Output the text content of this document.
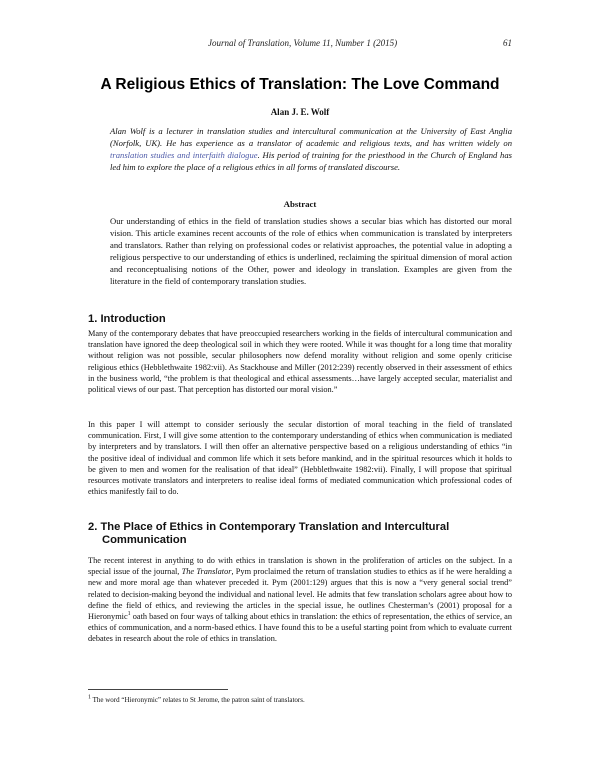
Journal of Translation, Volume 11, Number 1 (2015)	61
A Religious Ethics of Translation: The Love Command
Alan J. E. Wolf
Alan Wolf is a lecturer in translation studies and intercultural communication at the University of East Anglia (Norfolk, UK). He has experience as a translator of academic and religious texts, and has written widely on translation studies and interfaith dialogue. His period of training for the priesthood in the Church of England has led him to explore the place of a religious ethics in all forms of translated discourse.
Abstract
Our understanding of ethics in the field of translation studies shows a secular bias which has distorted our moral vision. This article examines recent accounts of the role of ethics when communication is translated by interpreters and translators. Rather than relying on professional codes or relativist approaches, the potential value in adopting a religious perspective to our understanding of ethics is underlined, reclaiming the spiritual dimension of moral action and reconceptualising notions of the Other, power and ideology in translation. Examples are given from the literature in the field of contemporary translation studies.
1. Introduction
Many of the contemporary debates that have preoccupied researchers working in the fields of intercultural communication and translation have ignored the deep theological soil in which they were rooted. While it was thought for a long time that morality without religion was not possible, secular philosophers now defend morality without religion and some openly criticise religious ethics (Hebblethwaite 1982:vii). As Stackhouse and Miller (2012:239) recently observed in their assessment of ethics in the business world, “the problem is that theological and ethical assessments…have largely accepted secular, materialist and political views of our past. That perception has distorted our moral vision.”
In this paper I will attempt to consider seriously the secular distortion of moral teaching in the field of translated communication. First, I will give some attention to the contemporary understanding of ethics when communication is mediated by interpreters and by translators. I will then offer an alternative perspective based on a religious understanding of ethics “in the positive ideal of individual and common life which it sets before mankind, and in the spiritual resources which it holds to be given to men and women for the realisation of that ideal” (Hebblethwaite 1982:vii). Finally, I will propose that spiritual resources motivate translators and interpreters to realise ideal forms of mediated communication which professional codes of ethics manifestly fail to do.
2. The Place of Ethics in Contemporary Translation and Intercultural
Communication
The recent interest in anything to do with ethics in translation is shown in the proliferation of articles on the subject. In a special issue of the journal, The Translator, Pym proclaimed the return of translation studies to ethics as if he were heralding a new and more moral age than whatever preceded it. Pym (2001:129) argues that this is now a “very general social trend” related to decision-making beyond the individual and national level. He admits that few translation scholars agree about how to define the field of ethics, and reviewing the articles in the special issue, he outlines Chesterman’s (2001) proposal for a Hieronymic$^1$ oath based on four ways of talking about ethics in translation: the ethics of representation, the ethics of service, an ethics of communication, and a norm-based ethics. I have found this to be a useful starting point from which to evaluate current debates in research about the role of ethics in translation.
$^1$ The word “Hieronymic” relates to St Jerome, the patron saint of translators.
